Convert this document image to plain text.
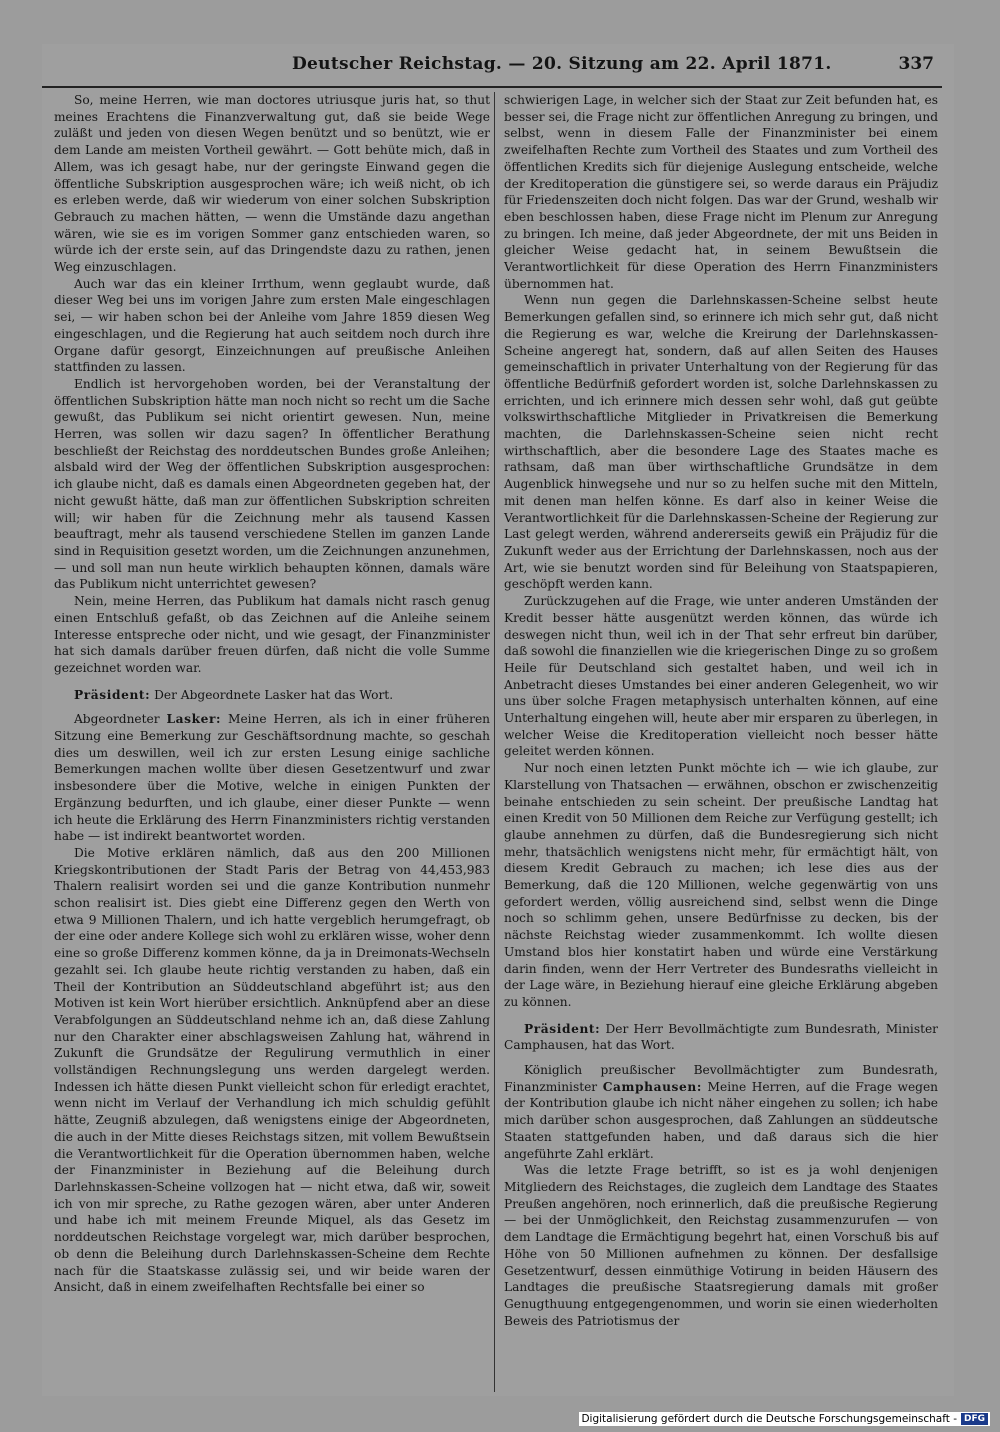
Deutscher Reichstag. — 20. Sitzung am 22. April 1871.	337

So, meine Herren, wie man doctores utriusque juris hat, so thut meines Erachtens die Finanzverwaltung gut, daß sie beide Wege zuläßt und jeden von diesen Wegen benützt und so benützt, wie er dem Lande am meisten Vortheil gewährt. — Gott behüte mich, daß in Allem, was ich gesagt habe, nur der geringste Einwand gegen die öffentliche Subskription ausgesprochen wäre; ich weiß nicht, ob ich es erleben werde, daß wir wiederum von einer solchen Subskription Gebrauch zu machen hätten, — wenn die Umstände dazu angethan wären, wie sie es im vorigen Sommer ganz entschieden waren, so würde ich der erste sein, auf das Dringendste dazu zu rathen, jenen Weg einzuschlagen.

Auch war das ein kleiner Irrthum, wenn geglaubt wurde, daß dieser Weg bei uns im vorigen Jahre zum ersten Male eingeschlagen sei, — wir haben schon bei der Anleihe vom Jahre 1859 diesen Weg eingeschlagen, und die Regierung hat auch seitdem noch durch ihre Organe dafür gesorgt, Einzeichnungen auf preußische Anleihen stattfinden zu lassen.

Endlich ist hervorgehoben worden, bei der Veranstaltung der öffentlichen Subskription hätte man noch nicht so recht um die Sache gewußt, das Publikum sei nicht orientirt gewesen. Nun, meine Herren, was sollen wir dazu sagen? In öffentlicher Berathung beschließt der Reichstag des norddeutschen Bundes große Anleihen; alsbald wird der Weg der öffentlichen Subskription ausgesprochen: ich glaube nicht, daß es damals einen Abgeordneten gegeben hat, der nicht gewußt hätte, daß man zur öffentlichen Subskription schreiten will; wir haben für die Zeichnung mehr als tausend Kassen beauftragt, mehr als tausend verschiedene Stellen im ganzen Lande sind in Requisition gesetzt worden, um die Zeichnungen anzunehmen, — und soll man nun heute wirklich behaupten können, damals wäre das Publikum nicht unterrichtet gewesen?

Nein, meine Herren, das Publikum hat damals nicht rasch genug einen Entschluß gefaßt, ob das Zeichnen auf die Anleihe seinem Interesse entspreche oder nicht, und wie gesagt, der Finanzminister hat sich damals darüber freuen dürfen, daß nicht die volle Summe gezeichnet worden war.

Präsident: Der Abgeordnete Lasker hat das Wort.

Abgeordneter Lasker: Meine Herren, als ich in einer früheren Sitzung eine Bemerkung zur Geschäftsordnung machte, so geschah dies um deswillen, weil ich zur ersten Lesung einige sachliche Bemerkungen machen wollte über diesen Gesetzentwurf und zwar insbesondere über die Motive, welche in einigen Punkten der Ergänzung bedurften, und ich glaube, einer dieser Punkte — wenn ich heute die Erklärung des Herrn Finanzministers richtig verstanden habe — ist indirekt beantwortet worden.

Die Motive erklären nämlich, daß aus den 200 Millionen Kriegskontributionen der Stadt Paris der Betrag von 44,453,983 Thalern realisirt worden sei und die ganze Kontribution nunmehr schon realisirt ist. Dies giebt eine Differenz gegen den Werth von etwa 9 Millionen Thalern, und ich hatte vergeblich herumgefragt, ob der eine oder andere Kollege sich wohl zu erklären wisse, woher denn eine so große Differenz kommen könne, da ja in Dreimonats-Wechseln gezahlt sei. Ich glaube heute richtig verstanden zu haben, daß ein Theil der Kontribution an Süddeutschland abgeführt ist; aus den Motiven ist kein Wort hierüber ersichtlich. Anknüpfend aber an diese Verabfolgungen an Süddeutschland nehme ich an, daß diese Zahlung nur den Charakter einer abschlagsweisen Zahlung hat, während in Zukunft die Grundsätze der Regulirung vermuthlich in einer vollständigen Rechnungslegung uns werden dargelegt werden. Indessen ich hätte diesen Punkt vielleicht schon für erledigt erachtet, wenn nicht im Verlauf der Verhandlung ich mich schuldig gefühlt hätte, Zeugniß abzulegen, daß wenigstens einige der Abgeordneten, die auch in der Mitte dieses Reichstags sitzen, mit vollem Bewußtsein die Verantwortlichkeit für die Operation übernommen haben, welche der Finanzminister in Beziehung auf die Beleihung durch Darlehnskassen-Scheine vollzogen hat — nicht etwa, daß wir, soweit ich von mir spreche, zu Rathe gezogen wären, aber unter Anderen und habe ich mit meinem Freunde Miquel, als das Gesetz im norddeutschen Reichstage vorgelegt war, mich darüber besprochen, ob denn die Beleihung durch Darlehnskassen-Scheine dem Rechte nach für die Staatskasse zulässig sei, und wir beide waren der Ansicht, daß in einem zweifelhaften Rechtsfalle bei einer so

schwierigen Lage, in welcher sich der Staat zur Zeit befunden hat, es besser sei, die Frage nicht zur öffentlichen Anregung zu bringen, und selbst, wenn in diesem Falle der Finanzminister bei einem zweifelhaften Rechte zum Vortheil des Staates und zum Vortheil des öffentlichen Kredits sich für diejenige Auslegung entscheide, welche der Kreditoperation die günstigere sei, so werde daraus ein Präjudiz für Friedenszeiten doch nicht folgen. Das war der Grund, weshalb wir eben beschlossen haben, diese Frage nicht im Plenum zur Anregung zu bringen. Ich meine, daß jeder Abgeordnete, der mit uns Beiden in gleicher Weise gedacht hat, in seinem Bewußtsein die Verantwortlichkeit für diese Operation des Herrn Finanzministers übernommen hat.

Wenn nun gegen die Darlehnskassen-Scheine selbst heute Bemerkungen gefallen sind, so erinnere ich mich sehr gut, daß nicht die Regierung es war, welche die Kreirung der Darlehnskassen-Scheine angeregt hat, sondern, daß auf allen Seiten des Hauses gemeinschaftlich in privater Unterhaltung von der Regierung für das öffentliche Bedürfniß gefordert worden ist, solche Darlehnskassen zu errichten, und ich erinnere mich dessen sehr wohl, daß gut geübte volkswirthschaftliche Mitglieder in Privatkreisen die Bemerkung machten, die Darlehnskassen-Scheine seien nicht recht wirthschaftlich, aber die besondere Lage des Staates mache es rathsam, daß man über wirthschaftliche Grundsätze in dem Augenblick hinwegsehe und nur so zu helfen suche mit den Mitteln, mit denen man helfen könne. Es darf also in keiner Weise die Verantwortlichkeit für die Darlehnskassen-Scheine der Regierung zur Last gelegt werden, während andererseits gewiß ein Präjudiz für die Zukunft weder aus der Errichtung der Darlehnskassen, noch aus der Art, wie sie benutzt worden sind für Beleihung von Staatspapieren, geschöpft werden kann.

Zurückzugehen auf die Frage, wie unter anderen Umständen der Kredit besser hätte ausgenützt werden können, das würde ich deswegen nicht thun, weil ich in der That sehr erfreut bin darüber, daß sowohl die finanziellen wie die kriegerischen Dinge zu so großem Heile für Deutschland sich gestaltet haben, und weil ich in Anbetracht dieses Umstandes bei einer anderen Gelegenheit, wo wir uns über solche Fragen metaphysisch unterhalten können, auf eine Unterhaltung eingehen will, heute aber mir ersparen zu überlegen, in welcher Weise die Kreditoperation vielleicht noch besser hätte geleitet werden können.

Nur noch einen letzten Punkt möchte ich — wie ich glaube, zur Klarstellung von Thatsachen — erwähnen, obschon er zwischenzeitig beinahe entschieden zu sein scheint. Der preußische Landtag hat einen Kredit von 50 Millionen dem Reiche zur Verfügung gestellt; ich glaube annehmen zu dürfen, daß die Bundesregierung sich nicht mehr, thatsächlich wenigstens nicht mehr, für ermächtigt hält, von diesem Kredit Gebrauch zu machen; ich lese dies aus der Bemerkung, daß die 120 Millionen, welche gegenwärtig von uns gefordert werden, völlig ausreichend sind, selbst wenn die Dinge noch so schlimm gehen, unsere Bedürfnisse zu decken, bis der nächste Reichstag wieder zusammenkommt. Ich wollte diesen Umstand blos hier konstatirt haben und würde eine Verstärkung darin finden, wenn der Herr Vertreter des Bundesraths vielleicht in der Lage wäre, in Beziehung hierauf eine gleiche Erklärung abgeben zu können.

Präsident: Der Herr Bevollmächtigte zum Bundesrath, Minister Camphausen, hat das Wort.

Königlich preußischer Bevollmächtigter zum Bundesrath, Finanzminister Camphausen: Meine Herren, auf die Frage wegen der Kontribution glaube ich nicht näher eingehen zu sollen; ich habe mich darüber schon ausgesprochen, daß Zahlungen an süddeutsche Staaten stattgefunden haben, und daß daraus sich die hier angeführte Zahl erklärt.

Was die letzte Frage betrifft, so ist es ja wohl denjenigen Mitgliedern des Reichstages, die zugleich dem Landtage des Staates Preußen angehören, noch erinnerlich, daß die preußische Regierung — bei der Unmöglichkeit, den Reichstag zusammenzurufen — von dem Landtage die Ermächtigung begehrt hat, einen Vorschuß bis auf Höhe von 50 Millionen aufnehmen zu können. Der desfallsige Gesetzentwurf, dessen einmüthige Votirung in beiden Häusern des Landtages die preußische Staatsregierung damals mit großer Genugthuung entgegengenommen, und worin sie einen wiederholten Beweis des Patriotismus der

Digitalisierung gefördert durch die Deutsche Forschungsgemeinschaft - DFG
